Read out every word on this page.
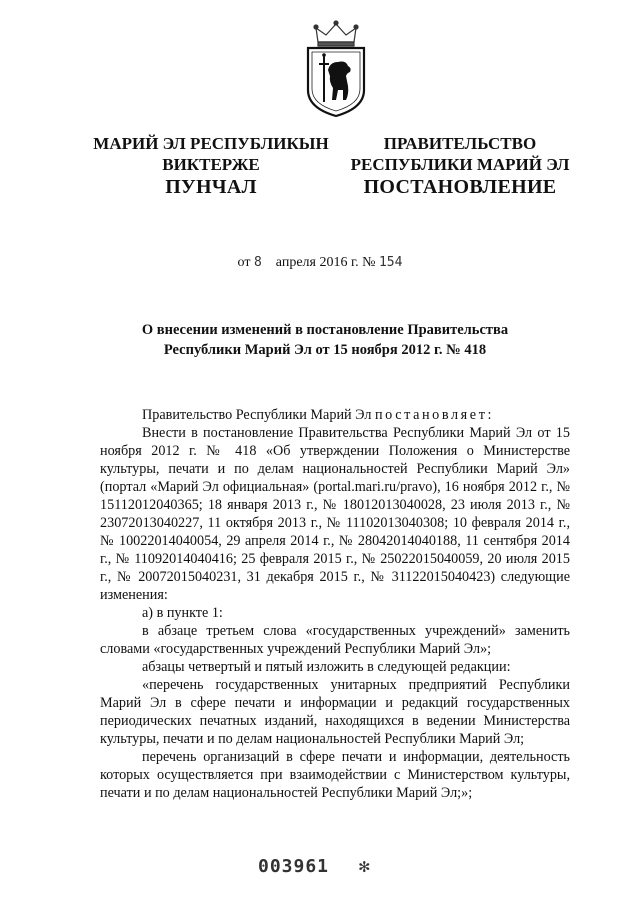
МАРИЙ ЭЛ РЕСПУБЛИКЫН
ВИКТЕРЖЕ
ПУНЧАЛ
ПРАВИТЕЛЬСТВО
РЕСПУБЛИКИ МАРИЙ ЭЛ
ПОСТАНОВЛЕНИЕ
от 8 апреля 2016 г. № 154
О внесении изменений в постановление Правительства
Республики Марий Эл от 15 ноября 2012 г. № 418

Правительство Республики Марий Эл постановляет:

Внести в постановление Правительства Республики Марий Эл от 15 ноября 2012 г. № 418 «Об утверждении Положения о Министерстве культуры, печати и по делам национальностей Республики Марий Эл» (портал «Марий Эл официальная» (portal.mari.ru/pravo), 16 ноября 2012 г., № 15112012040365; 18 января 2013 г., № 18012013040028, 23 июля 2013 г., № 23072013040227, 11 октября 2013 г., № 11102013040308; 10 февраля 2014 г., № 10022014040054, 29 апреля 2014 г., № 28042014040188, 11 сентября 2014 г., № 11092014040416; 25 февраля 2015 г., № 25022015040059, 20 июля 2015 г., № 20072015040231, 31 декабря 2015 г., № 31122015040423) следующие изменения:

а) в пункте 1:

в абзаце третьем слова «государственных учреждений» заменить словами «государственных учреждений Республики Марий Эл»;

абзацы четвертый и пятый изложить в следующей редакции:

«перечень государственных унитарных предприятий Республики Марий Эл в сфере печати и информации и редакций государственных периодических печатных изданий, находящихся в ведении Министерства культуры, печати и по делам национальностей Республики Марий Эл;

перечень организаций в сфере печати и информации, деятельность которых осуществляется при взаимодействии с Министерством культуры, печати и по делам национальностей Республики Марий Эл;»;

003961 ✻
